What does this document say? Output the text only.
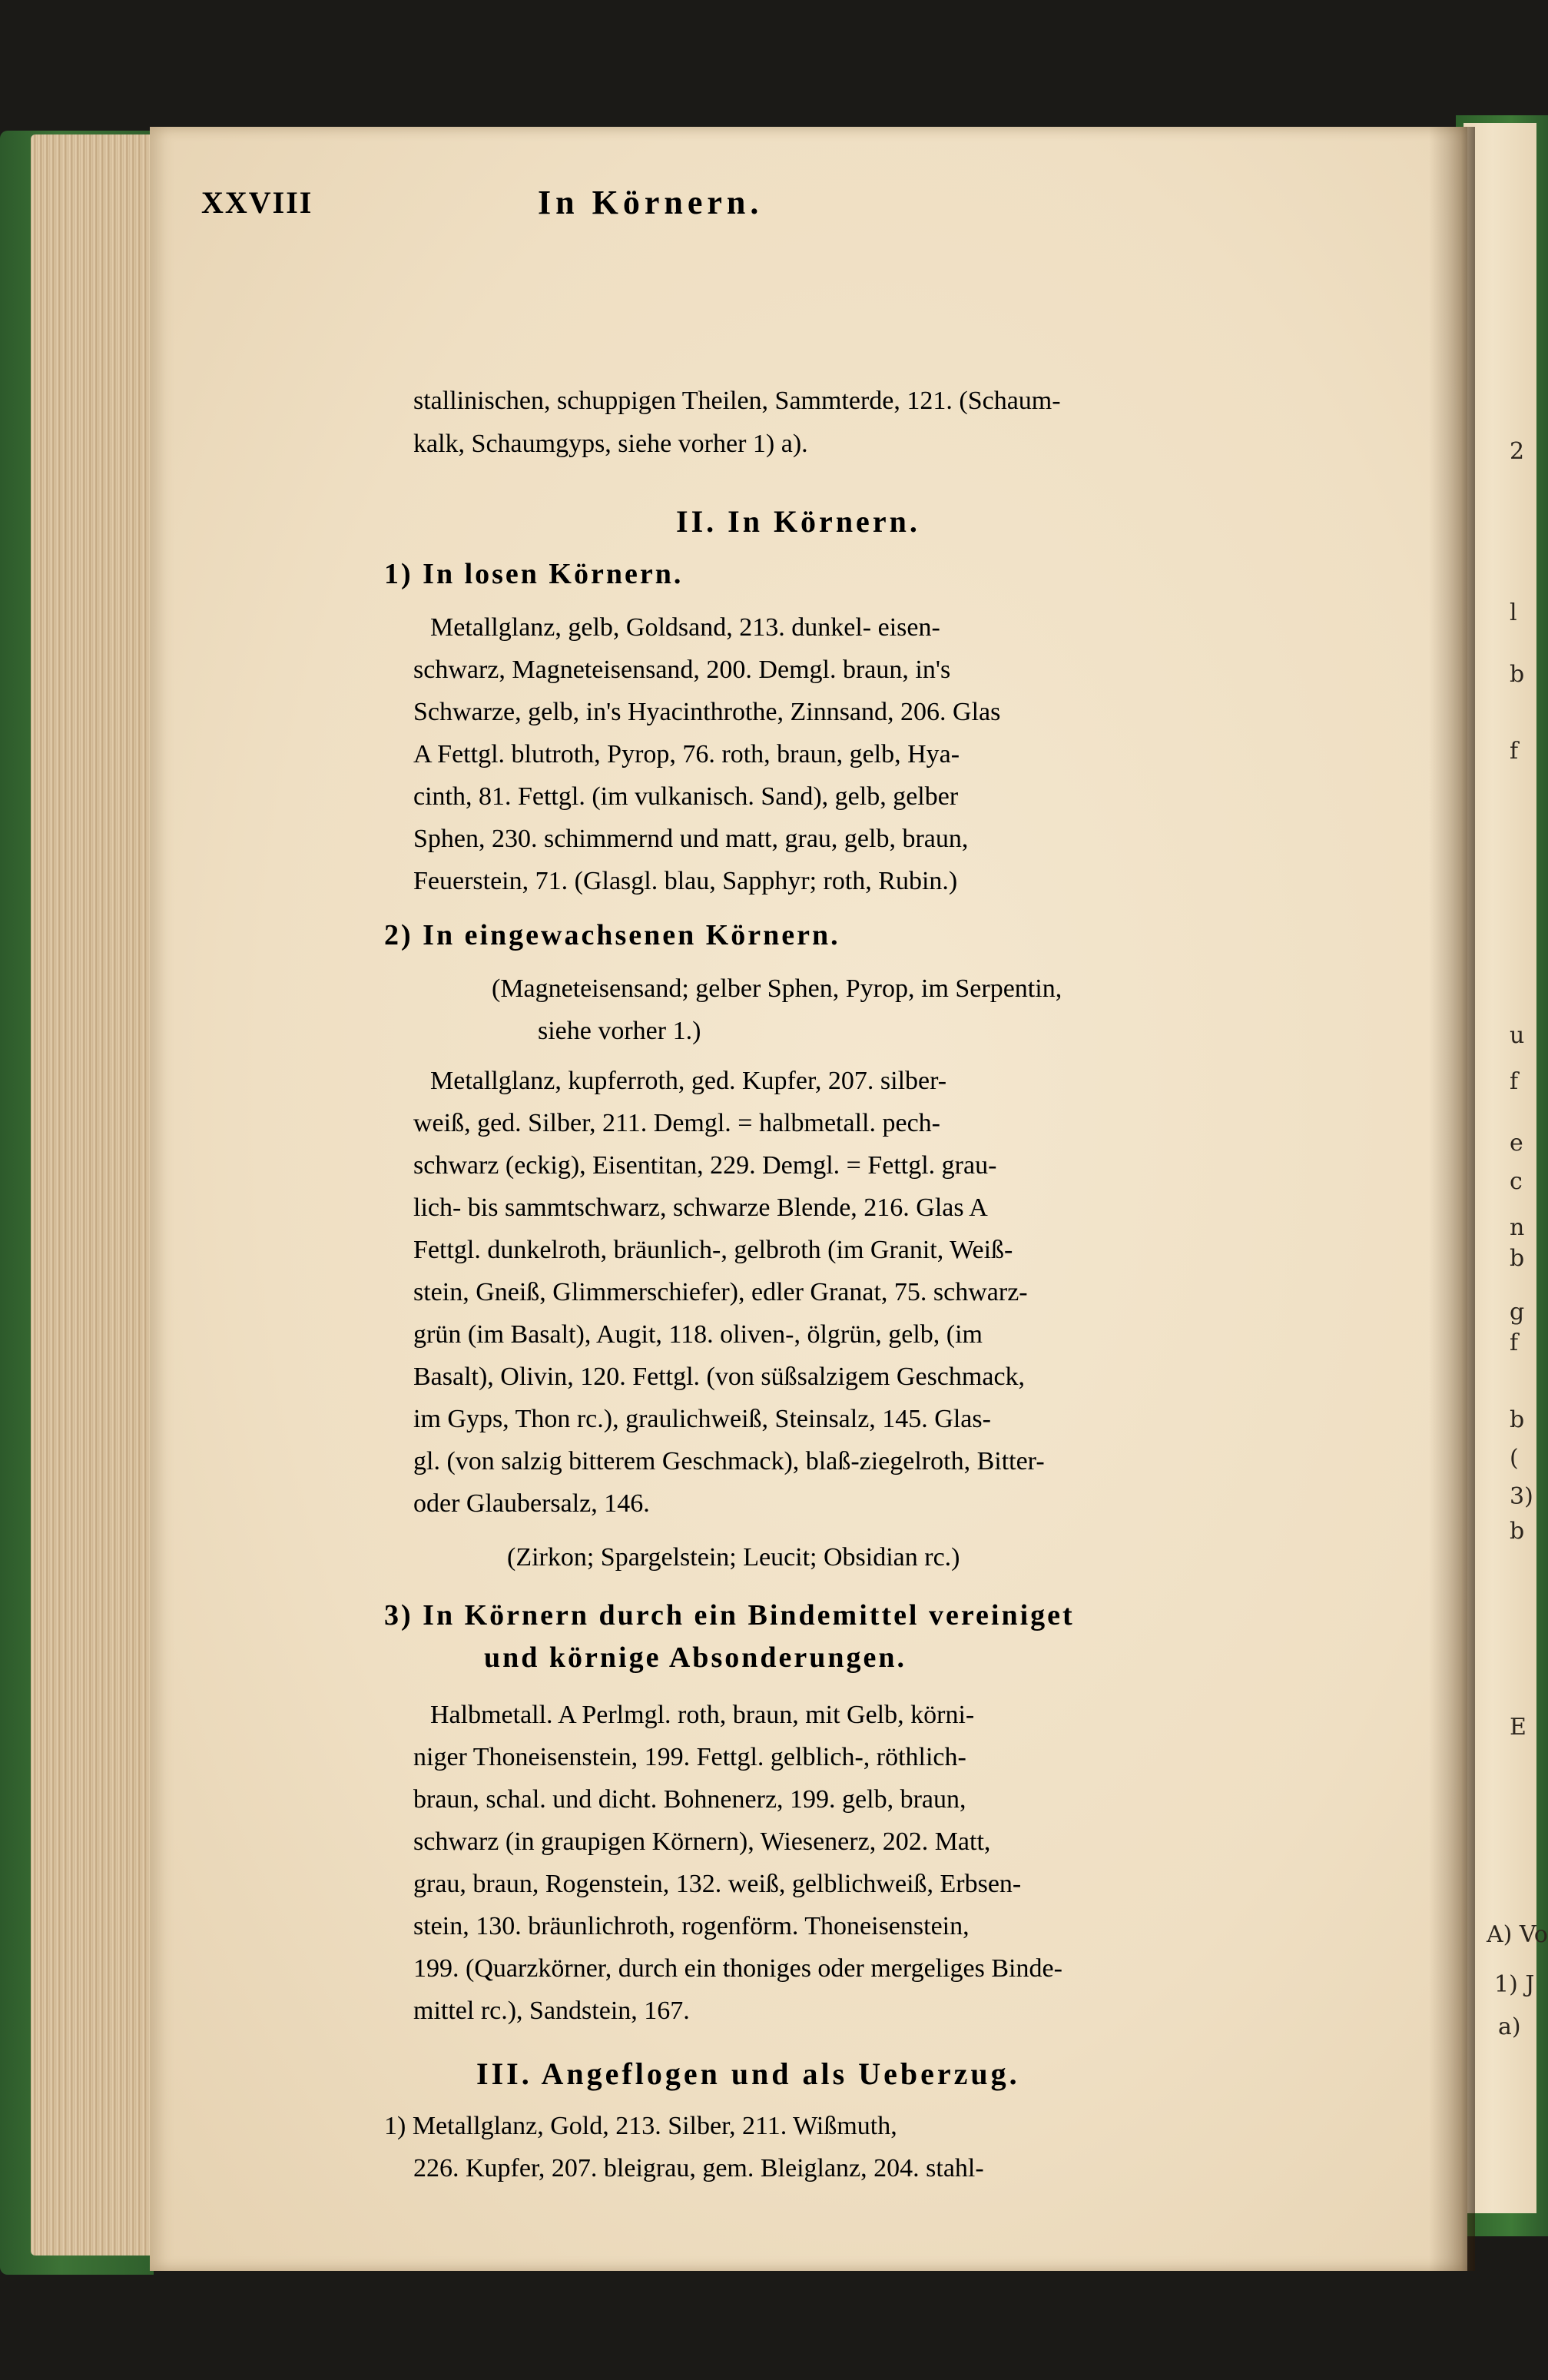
XXVIII	In Körnern.
stallinischen, schuppigen Theilen, Sammterde, 121. (Schaum-
kalk, Schaumgyps, siehe vorher 1) a).
II. In Körnern.
1) In losen Körnern.
Metallglanz, gelb, Goldsand, 213. dunkel- eisen-
schwarz, Magneteisensand, 200. Demgl. braun, in's
Schwarze, gelb, in's Hyacinthrothe, Zinnsand, 206. Glas
A Fettgl. blutroth, Pyrop, 76. roth, braun, gelb, Hya-
cinth, 81. Fettgl. (im vulkanisch. Sand), gelb, gelber
Sphen, 230. schimmernd und matt, grau, gelb, braun,
Feuerstein, 71. (Glasgl. blau, Sapphyr; roth, Rubin.)
2) In eingewachsenen Körnern.
(Magneteisensand; gelber Sphen, Pyrop, im Serpentin,
siehe vorher 1.)
Metallglanz, kupferroth, ged. Kupfer, 207. silber-
weiß, ged. Silber, 211. Demgl. = halbmetall. pech-
schwarz (eckig), Eisentitan, 229. Demgl. = Fettgl. grau-
lich- bis sammtschwarz, schwarze Blende, 216. Glas A
Fettgl. dunkelroth, bräunlich-, gelbroth (im Granit, Weiß-
stein, Gneiß, Glimmerschiefer), edler Granat, 75. schwarz-
grün (im Basalt), Augit, 118. oliven-, ölgrün, gelb, (im
Basalt), Olivin, 120. Fettgl. (von süßsalzigem Geschmack,
im Gyps, Thon rc.), graulichweiß, Steinsalz, 145. Glas-
gl. (von salzig bitterem Geschmack), blaß-ziegelroth, Bitter-
oder Glaubersalz, 146.
(Zirkon; Spargelstein; Leucit; Obsidian rc.)
3) In Körnern durch ein Bindemittel vereiniget
und körnige Absonderungen.
Halbmetall. A Perlmgl. roth, braun, mit Gelb, körni-
niger Thoneisenstein, 199. Fettgl. gelblich-, röthlich-
braun, schal. und dicht. Bohnenerz, 199. gelb, braun,
schwarz (in graupigen Körnern), Wiesenerz, 202. Matt,
grau, braun, Rogenstein, 132. weiß, gelblichweiß, Erbsen-
stein, 130. bräunlichroth, rogenförm. Thoneisenstein,
199. (Quarzkörner, durch ein thoniges oder mergeliges Binde-
mittel rc.), Sandstein, 167.
III. Angeflogen und als Ueberzug.
1) Metallglanz, Gold, 213. Silber, 211. Wißmuth,
226. Kupfer, 207. bleigrau, gem. Bleiglanz, 204. stahl-
2
l
b
f
u
f
e
c
n
b
g
f
b
(
3)
b
E
A) Vo
1) J
a)
